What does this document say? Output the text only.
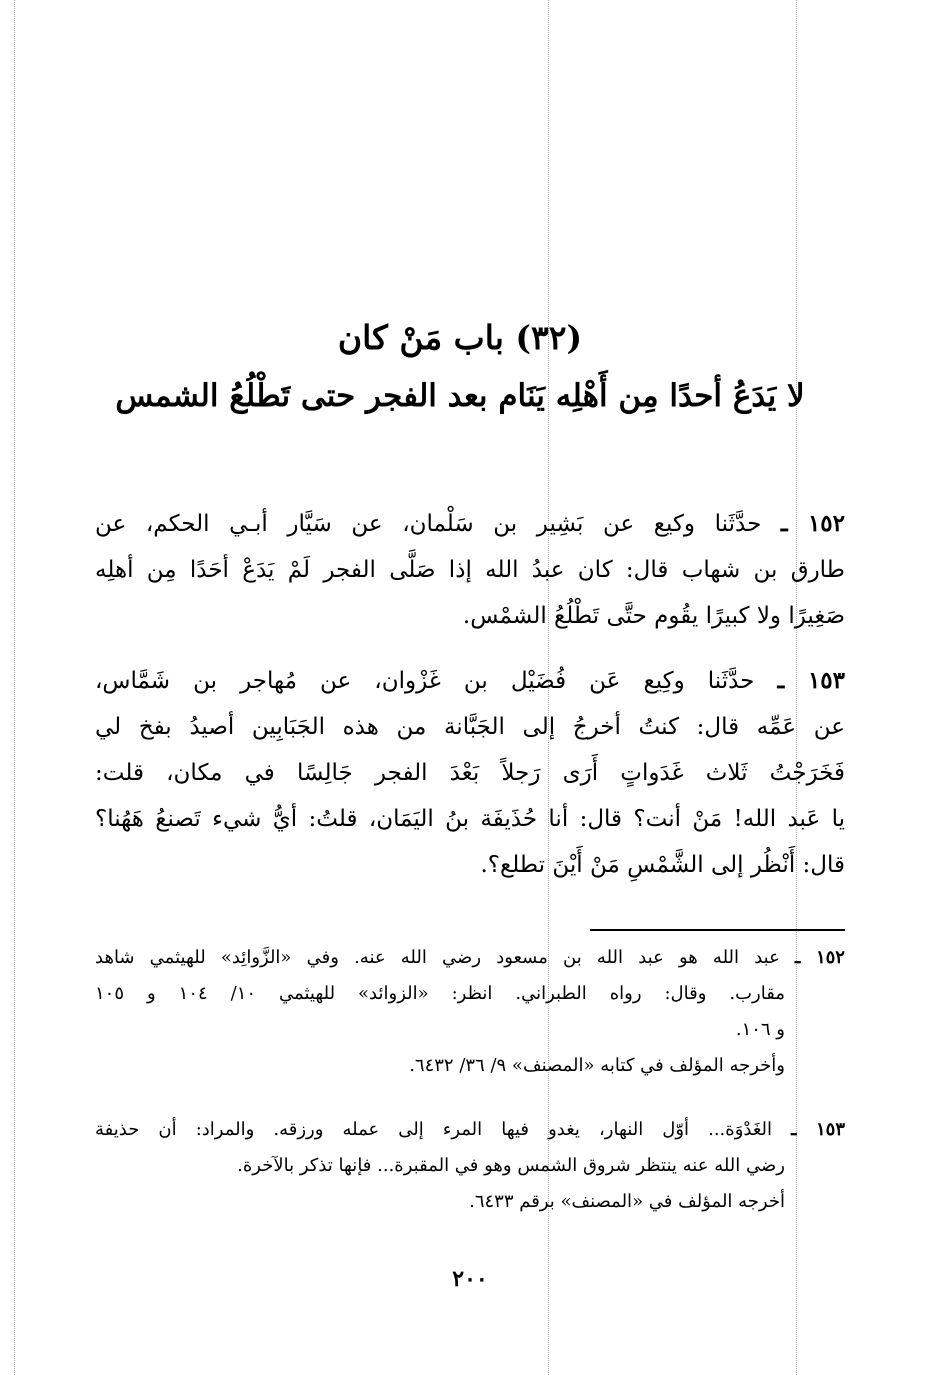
(٣٢) باب مَنْ كان
لا يَدَعُ أحدًا مِن أَهْلِه يَنَام بعد الفجر حتى تَطْلُعُ الشمس
١٥٢ ـ حدَّثَنا وكيع عن بَشِير بن سَلْمان، عن سَيَّار أبـي الحكم، عن
طارق بن شهاب قال: كان عبدُ الله إذا صَلَّى الفجر لَمْ يَدَعْ أحَدًا مِن أهلِه
صَغِيرًا ولا كبيرًا يقُوم حتَّى تَطْلُعُ الشمْس.
١٥٣ ـ حدَّثَنا وكِيع عَن فُضَيْل بن غَزْوان، عن مُهاجر بن شَمَّاس،
عن عَمِّه قال: كنتُ أخرجُ إلى الجَبَّانة من هذه الجَبَابِين أصيدُ بفخ لي
فَخَرَجْتُ ثَلاث غَدَواتٍ أَرَى رَجلاً بَعْدَ الفجر جَالِسًا في مكان، قلت:
يا عَبد الله! مَنْ أنت؟ قال: أنا حُذَيفَة بنُ اليَمَان، قلتُ: أيُّ شيء تَصنعُ هَهُنا؟
قال: أَنْظُر إلى الشَّمْسِ مَنْ أَيْنَ تطلع؟.
١٥٢ ـ عبد الله هو عبد الله بن مسعود رضي الله عنه. وفي «الزَّوائِد» للهيثمي شاهد
مقارب. وقال: رواه الطبراني. انظر: «الزوائد» للهيثمي ١٠/ ١٠٤ و ١٠٥
و ١٠٦.
وأخرجه المؤلف في كتابه «المصنف» ٩/ ٣٦/ ٦٤٣٢.
١٥٣ ـ الغَدْوَة... أوّل النهار، يغدو فيها المرء إلى عمله ورزقه. والمراد: أن حذيفة
رضي الله عنه ينتظر شروق الشمس وهو في المقبرة... فإنها تذكر بالآخرة.
أخرجه المؤلف في «المصنف» برقم ٦٤٣٣.
٢٠٠
